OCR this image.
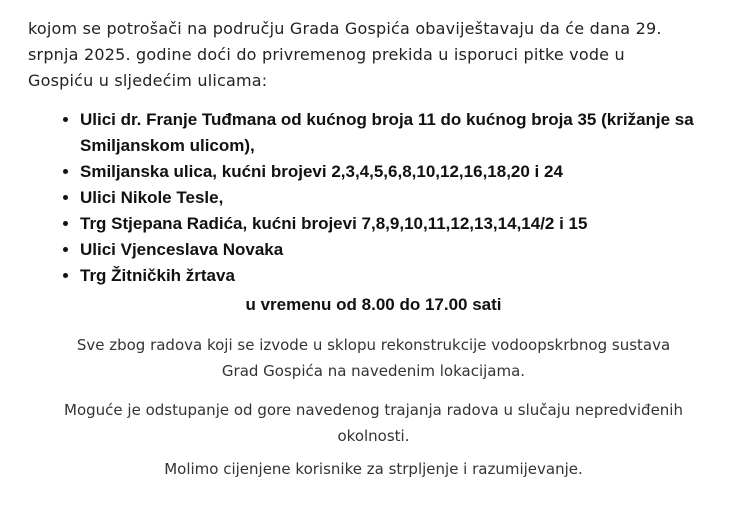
kojom se potrošači na području Grada Gospića obaviještavaju da će dana 29.
srpnja 2025. godine doći do privremenog prekida u isporuci pitke vode u
Gospiću u sljedećim ulicama:

• Ulici dr. Franje Tuđmana od kućnog broja 11 do kućnog broja 35 (križanje sa Smiljanskom ulicom),
• Smiljanska ulica, kućni brojevi 2,3,4,5,6,8,10,12,16,18,20 i 24
• Ulici Nikole Tesle,
• Trg Stjepana Radića, kućni brojevi 7,8,9,10,11,12,13,14,14/2 i 15
• Ulici Vjenceslava Novaka
• Trg Žitničkih žrtava

u vremenu od 8.00 do 17.00 sati

Sve zbog radova koji se izvode u sklopu rekonstrukcije vodoopskrbnog sustava
Grad Gospića na navedenim lokacijama.

Moguće je odstupanje od gore navedenog trajanja radova u slučaju nepredviđenih
okolnosti.

Molimo cijenjene korisnike za strpljenje i razumijevanje.
